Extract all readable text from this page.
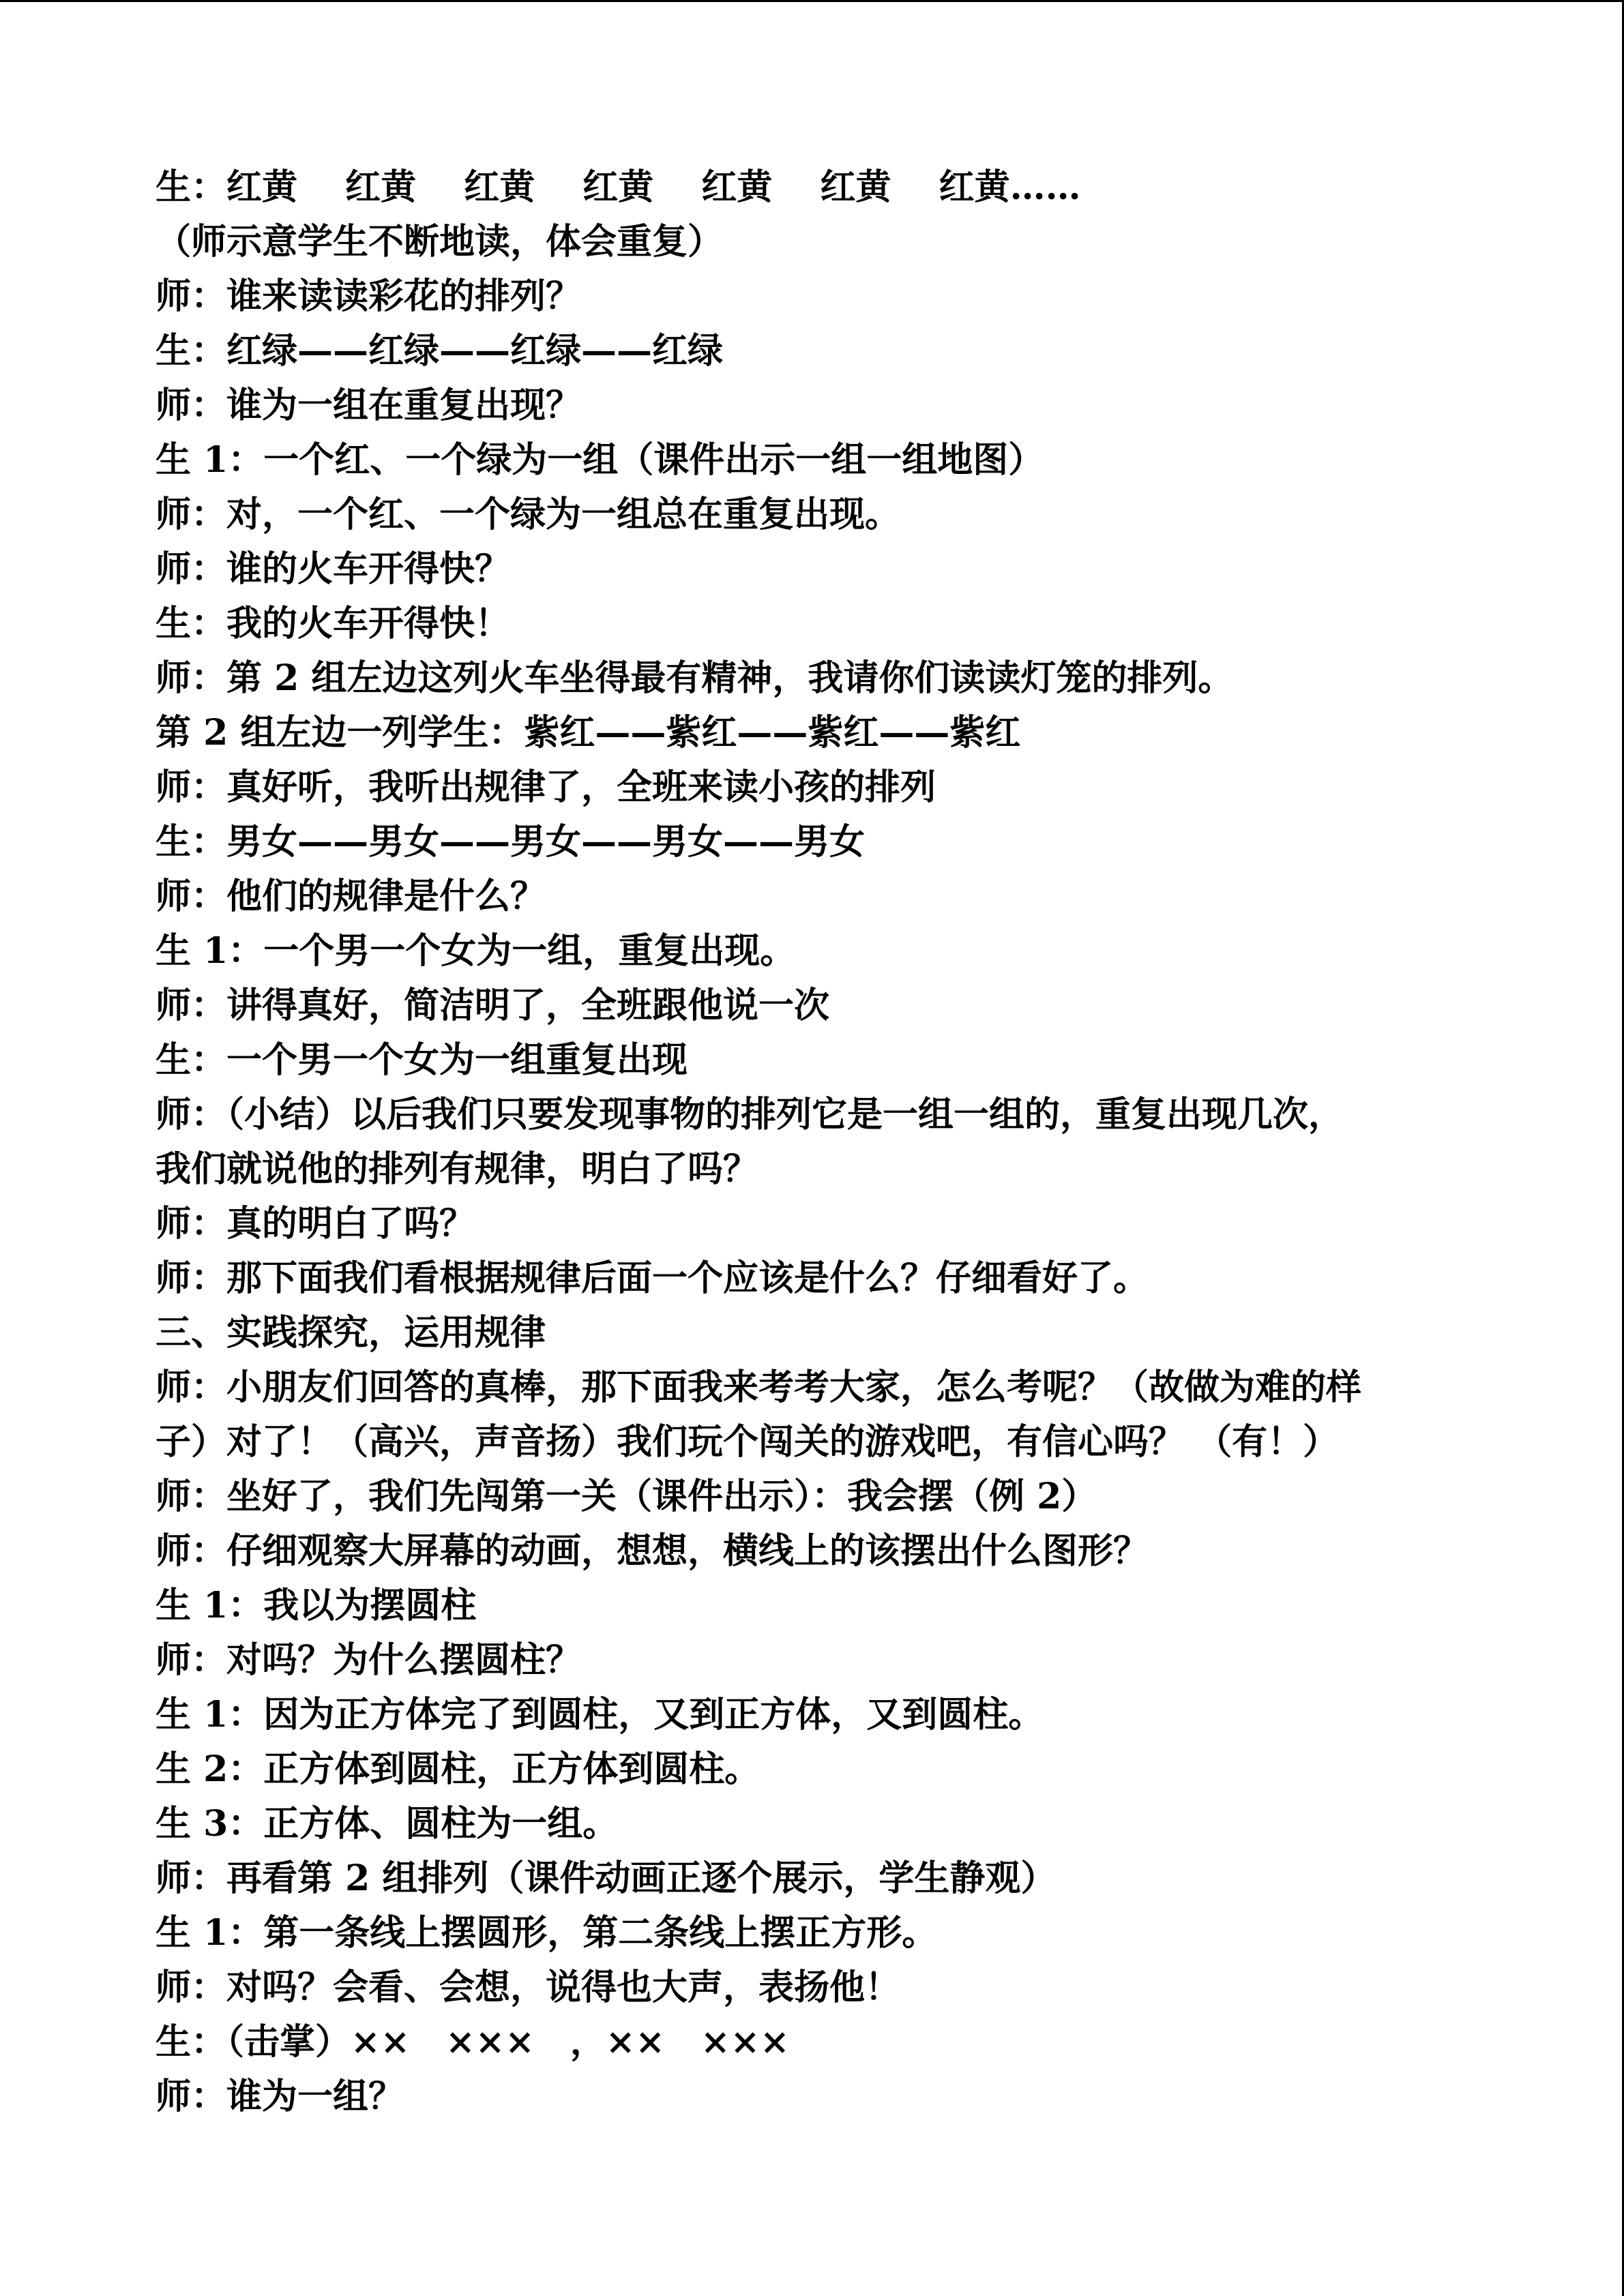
生：红黄　 红黄　 红黄　 红黄　 红黄　 红黄　 红黄……

（师示意学生不断地读，体会重复）

师：谁来读读彩花的排列？

生：红绿——红绿——红绿——红绿

师：谁为一组在重复出现？

生 1：一个红、一个绿为一组（课件出示一组一组地图）

师：对，一个红、一个绿为一组总在重复出现。

师：谁的火车开得快？

生：我的火车开得快！

师：第 2 组左边这列火车坐得最有精神，我请你们读读灯笼的排列。

第 2 组左边一列学生：紫红——紫红——紫红——紫红

师：真好听，我听出规律了，全班来读小孩的排列

生：男女——男女——男女——男女——男女

师：他们的规律是什么？

生 1：一个男一个女为一组，重复出现。

师：讲得真好，简洁明了，全班跟他说一次

生：一个男一个女为一组重复出现

师：（小结）以后我们只要发现事物的排列它是一组一组的，重复出现几次，

我们就说他的排列有规律，明白了吗？

师：真的明白了吗？

师：那下面我们看根据规律后面一个应该是什么？仔细看好了。

三、实践探究，运用规律

师：小朋友们回答的真棒，那下面我来考考大家，怎么考呢？（故做为难的样

子）对了！（高兴，声音扬）我们玩个闯关的游戏吧，有信心吗？ （有！）

师：坐好了，我们先闯第一关（课件出示）：我会摆（例 2）

师：仔细观察大屏幕的动画，想想，横线上的该摆出什么图形？

生 1：我以为摆圆柱

师：对吗？为什么摆圆柱？

生 1：因为正方体完了到圆柱，又到正方体，又到圆柱。

生 2：正方体到圆柱，正方体到圆柱。

生 3：正方体、圆柱为一组。

师：再看第 2 组排列（课件动画正逐个展示，学生静观）

生 1：第一条线上摆圆形，第二条线上摆正方形。

师：对吗？会看、会想，说得也大声，表扬他！

生：（击掌）××　×××　，××　×××

师：谁为一组？
